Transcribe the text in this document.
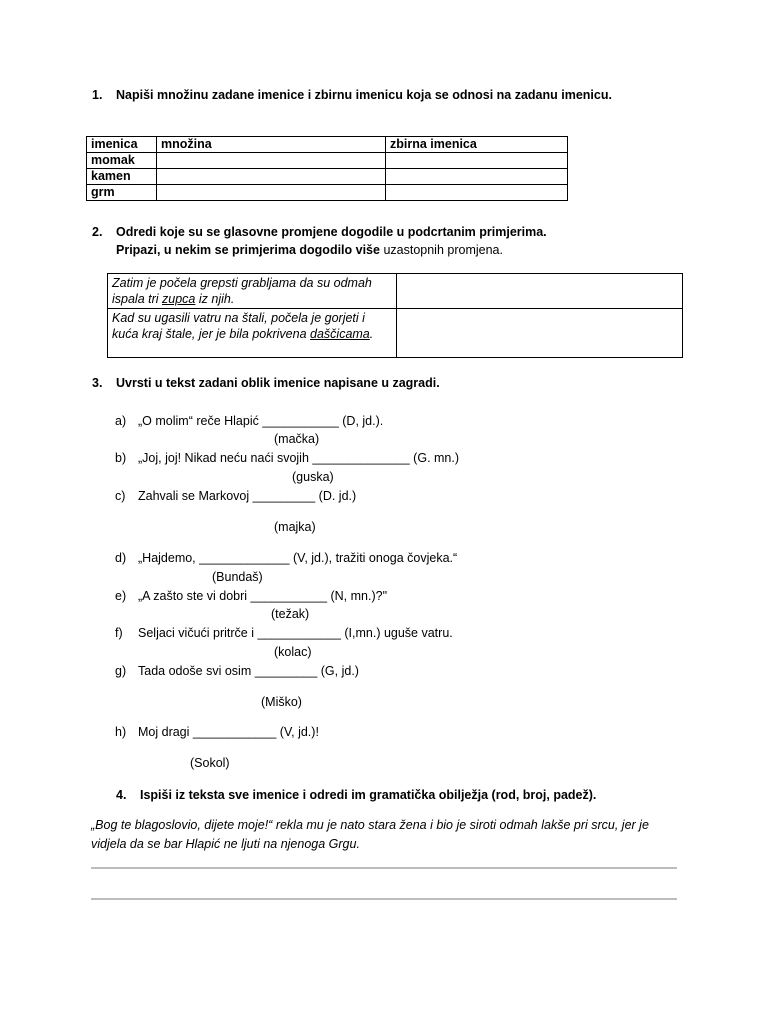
1. Napiši množinu zadane imenice i zbirnu imenicu koja se odnosi na zadanu imenicu.
imenica	množina	zbirna imenica
momak		
kamen		
grm		
2. Odredi koje su se glasovne promjene dogodile u podcrtanim primjerima.
Pripazi, u nekim se primjerima dogodilo više uzastopnih promjena.
Zatim je počela grepsti grabljama da su odmah
ispala tri zupca iz njih.	

Kad su ugasili vatru na štali, počela je gorjeti i
kuća kraj štale, jer je bila pokrivena daščicama.	

3. Uvrsti u tekst zadani oblik imenice napisane u zagradi.
a) „O molim“ reče Hlapić ___________ (D, jd.).
(mačka)
b) „Joj, joj! Nikad neću naći svojih ______________ (G. mn.)
(guska)
c) Zahvali se Markovoj _________ (D. jd.)
(majka)
d) „Hajdemo, _____________ (V, jd.), tražiti onoga čovjeka.“
(Bundaš)
e) „A zašto ste vi dobri ___________ (N, mn.)?"
(težak)
f) Seljaci vičući pritrče i ____________ (I,mn.) uguše vatru.
(kolac)
g) Tada odoše svi osim _________ (G, jd.)
(Miško)
h) Moj dragi ____________ (V, jd.)!
(Sokol)
4. Ispiši iz teksta sve imenice i odredi im gramatička obilježja (rod, broj, padež).
„Bog te blagoslovio, dijete moje!“ rekla mu je nato stara žena i bio je siroti odmah lakše pri srcu, jer je
vidjela da se bar Hlapić ne ljuti na njenoga Grgu.
